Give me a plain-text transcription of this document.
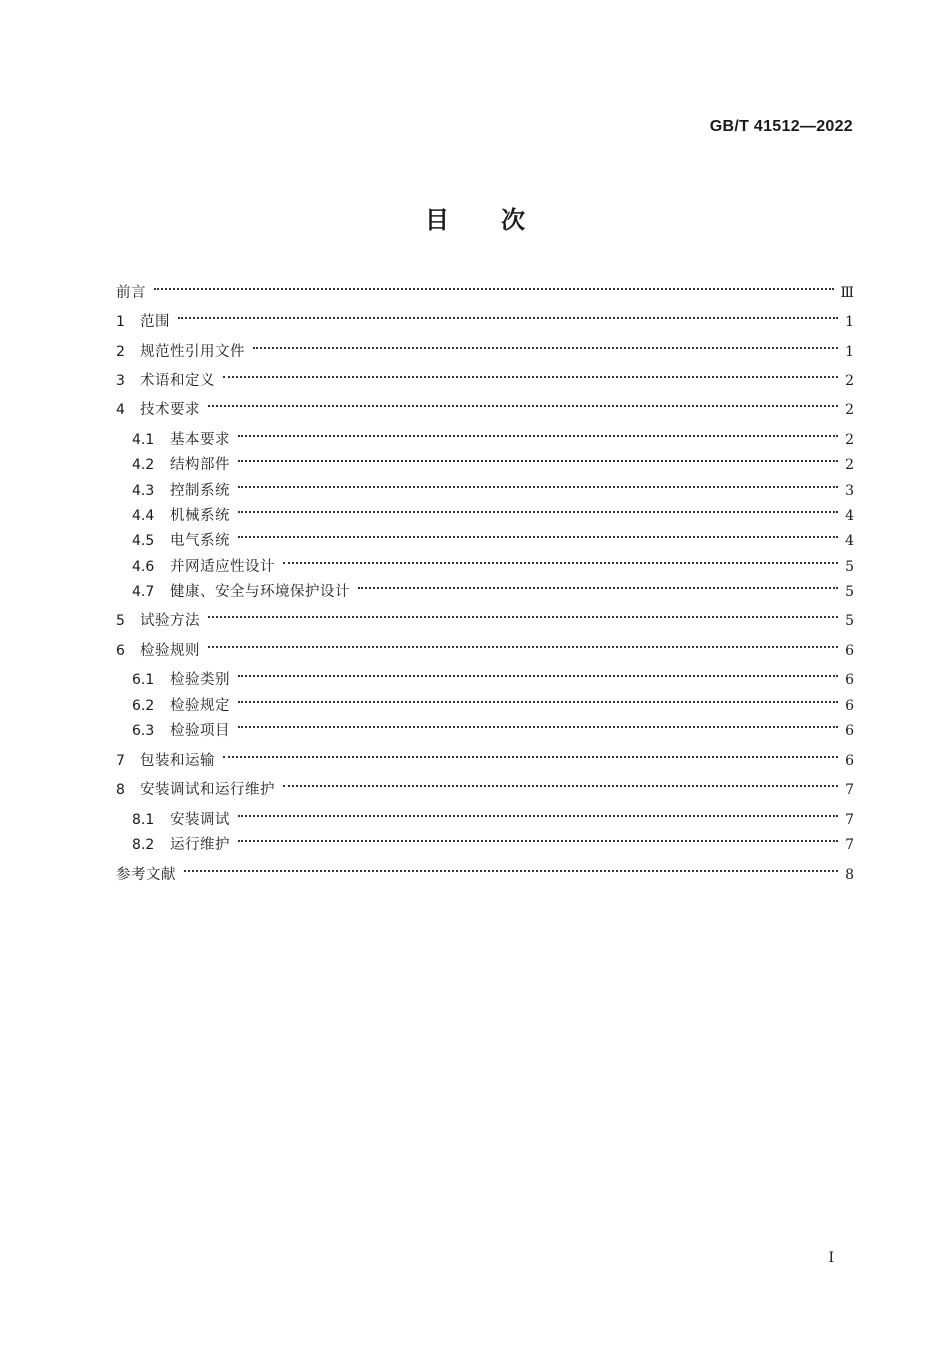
GB/T 41512—2022
目次
前言	Ⅲ
1	范围	1
2	规范性引用文件	1
3	术语和定义	2
4	技术要求	2
4.1	基本要求	2
4.2	结构部件	2
4.3	控制系统	3
4.4	机械系统	4
4.5	电气系统	4
4.6	并网适应性设计	5
4.7	健康、安全与环境保护设计	5
5	试验方法	5
6	检验规则	6
6.1	检验类别	6
6.2	检验规定	6
6.3	检验项目	6
7	包装和运输	6
8	安装调试和运行维护	7
8.1	安装调试	7
8.2	运行维护	7
参考文献	8
I
